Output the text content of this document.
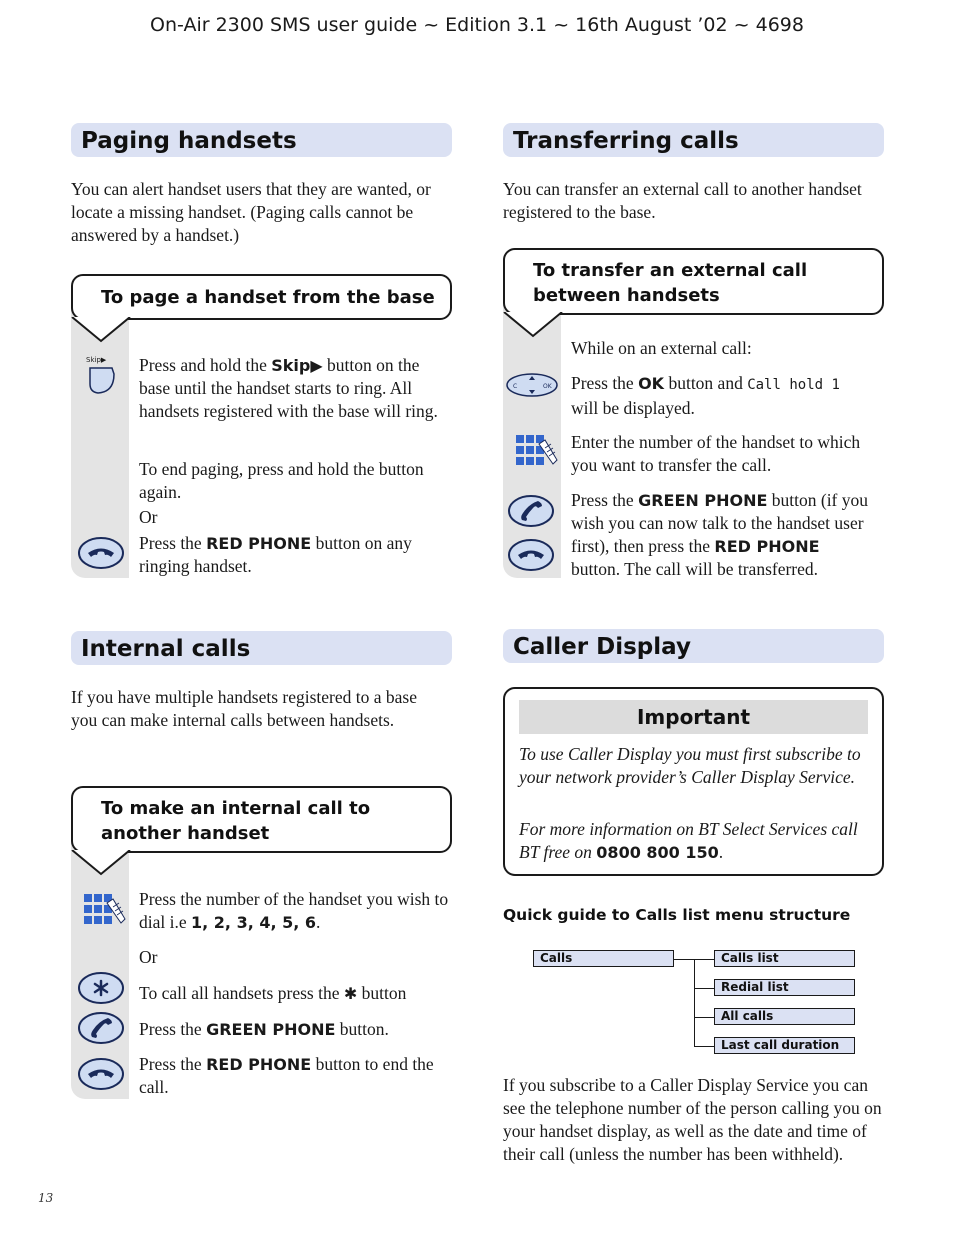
On-Air 2300 SMS user guide ~ Edition 3.1 ~ 16th August ’02 ~ 4698
Paging handsets
You can alert handset users that they are wanted, or locate a missing handset. (Paging calls cannot be answered by a handset.)
To page a handset from the base
Skip▶ Press and hold the Skip▶ button on the base until the handset starts to ring. All handsets registered with the base will ring.
To end paging, press and hold the button again.
Or
Press the RED PHONE button on any ringing handset.
Transferring calls
You can transfer an external call to another handset registered to the base.
To transfer an external call between handsets
While on an external call:
C	OK Press the OK button and Call hold 1
will be displayed.
Enter the number of the handset to which you want to transfer the call.
Press the GREEN PHONE button (if you wish you can now talk to the handset user first), then press the RED PHONE
button. The call will be transferred.
Internal calls
If you have multiple handsets registered to a base you can make internal calls between handsets.
To make an internal call to another handset
Press the number of the handset you wish to dial i.e 1, 2, 3, 4, 5, 6.
Or
To call all handsets press the ✱ button
Press the GREEN PHONE button.
Press the RED PHONE button to end the call.
Caller Display
Important
To use Caller Display you must first subscribe to your network provider’s Caller Display Service.
For more information on BT Select Services call BT free on 0800 800 150.
Quick guide to Calls list menu structure
Calls	Calls list
Redial list
All calls
Last call duration
If you subscribe to a Caller Display Service you can see the telephone number of the person calling you on your handset display, as well as the date and time of their call (unless the number has been withheld).
13
